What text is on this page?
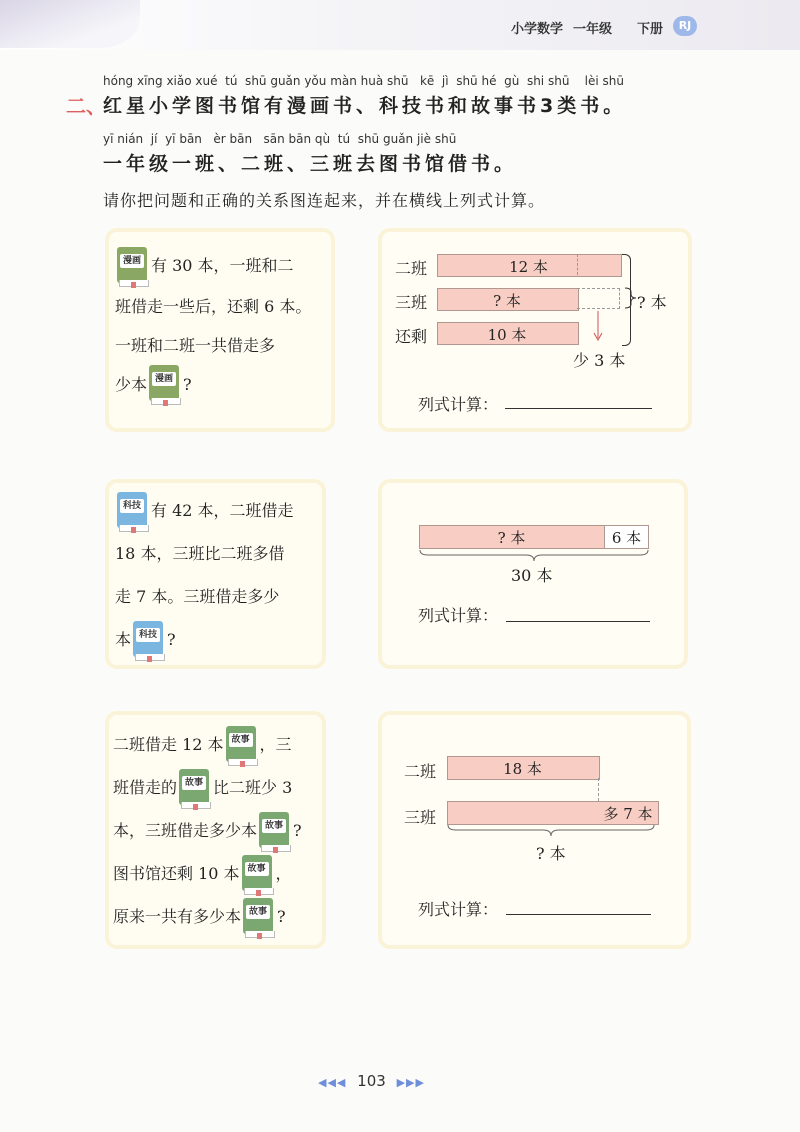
小学数学 一年级 下册	RJ
hóng xīng xiǎo xué  tú  shū guǎn yǒu màn huà shū   kē  jì  shū hé  gù  shi shū    lèi shū
二、
红星小学图书馆有漫画书、科技书和故事书3类书。
yī nián  jí  yī bān   èr bān   sān bān qù  tú  shū guǎn jiè shū
一年级一班、二班、三班去图书馆借书。
请你把问题和正确的关系图连起来，并在横线上列式计算。
漫画 有 30 本，一班和二
班借走一些后，还剩 6 本。
一班和二班一共借走多
少本 漫画 ?
二班
三班
还剩
12 本
? 本
10 本
? 本
少 3 本
列式计算：
科技 有 42 本，二班借走
18 本，三班比二班多借
走 7 本。三班借走多少
本 科技 ?
? 本	6 本
30 本
列式计算：
二班借走 12 本 故事 ，三
班借走的 故事 比二班少 3
本，三班借走多少本 故事 ?
图书馆还剩 10 本 故事 ，
原来一共有多少本 故事 ?
二班
三班
18 本
多 7 本
? 本
列式计算：
◀◀◀ 103 ▶▶▶
